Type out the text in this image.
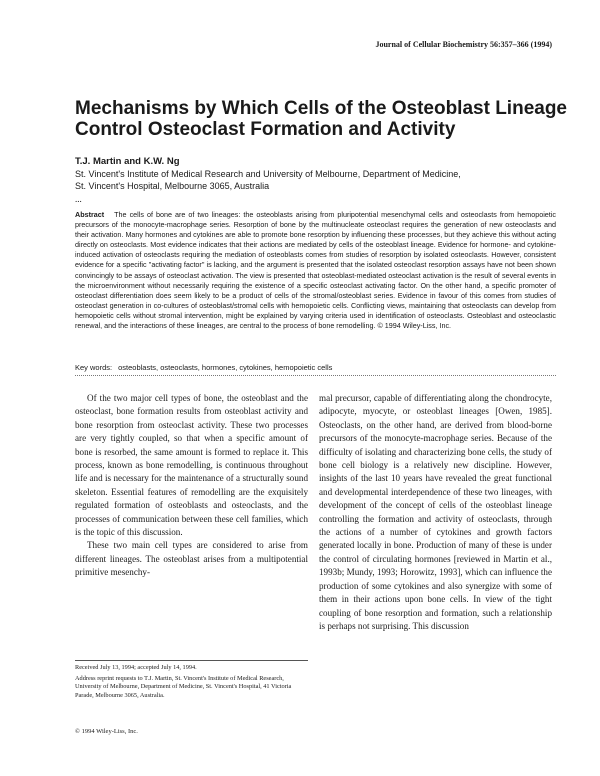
Journal of Cellular Biochemistry 56:357–366 (1994)
Mechanisms by Which Cells of the Osteoblast Lineage Control Osteoclast Formation and Activity
T.J. Martin and K.W. Ng
St. Vincent's Institute of Medical Research and University of Melbourne, Department of Medicine,
St. Vincent's Hospital, Melbourne 3065, Australia
...

Abstract The cells of bone are of two lineages: the osteoblasts arising from pluripotential mesenchymal cells and osteoclasts from hemopoietic precursors of the monocyte-macrophage series. Resorption of bone by the multinucleate osteoclast requires the generation of new osteoclasts and their activation. Many hormones and cytokines are able to promote bone resorption by influencing these processes, but they achieve this without acting directly on osteoclasts. Most evidence indicates that their actions are mediated by cells of the osteoblast lineage. Evidence for hormone- and cytokine-induced activation of osteoclasts requiring the mediation of osteoblasts comes from studies of resorption by isolated osteoclasts. However, consistent evidence for a specific "activating factor" is lacking, and the argument is presented that the isolated osteoclast resorption assays have not been shown convincingly to be assays of osteoclast activation. The view is presented that osteoblast-mediated osteoclast activation is the result of several events in the microenvironment without necessarily requiring the existence of a specific osteoclast activating factor. On the other hand, a specific promoter of osteoclast differentiation does seem likely to be a product of cells of the stromal/osteoblast series. Evidence in favour of this comes from studies of osteoclast generation in co-cultures of osteoblast/stromal cells with hemopoietic cells. Conflicting views, maintaining that osteoclasts can develop from hemopoietic cells without stromal intervention, might be explained by varying criteria used in identification of osteoclasts. Osteoblast and osteoclastic renewal, and the interactions of these lineages, are central to the process of bone remodelling. © 1994 Wiley-Liss, Inc.

Key words: osteoblasts, osteoclasts, hormones, cytokines, hemopoietic cells

Of the two major cell types of bone, the osteoblast and the osteoclast, bone formation results from osteoblast activity and bone resorption from osteoclast activity. These two processes are very tightly coupled, so that when a specific amount of bone is resorbed, the same amount is formed to replace it. This process, known as bone remodelling, is continuous throughout life and is necessary for the maintenance of a structurally sound skeleton. Essential features of remodelling are the exquisitely regulated formation of osteoblasts and osteoclasts, and the processes of communication between these cell families, which is the topic of this discussion.

These two main cell types are considered to arise from different lineages. The osteoblast arises from a multipotential primitive mesenchy-

mal precursor, capable of differentiating along the chondrocyte, adipocyte, myocyte, or osteoblast lineages [Owen, 1985]. Osteoclasts, on the other hand, are derived from blood-borne precursors of the monocyte-macrophage series. Because of the difficulty of isolating and characterizing bone cells, the study of bone cell biology is a relatively new discipline. However, insights of the last 10 years have revealed the great functional and developmental interdependence of these two lineages, with development of the concept of cells of the osteoblast lineage controlling the formation and activity of osteoclasts, through the actions of a number of cytokines and growth factors generated locally in bone. Production of many of these is under the control of circulating hormones [reviewed in Martin et al., 1993b; Mundy, 1993; Horowitz, 1993], which can influence the production of some cytokines and also synergize with some of them in their actions upon bone cells. In view of the tight coupling of bone resorption and formation, such a relationship is perhaps not surprising. This discussion

Received July 13, 1994; accepted July 14, 1994.
Address reprint requests to T.J. Martin, St. Vincent's Institute of Medical Research, University of Melbourne, Department of Medicine, St. Vincent's Hospital, 41 Victoria Parade, Melbourne 3065, Australia.
© 1994 Wiley-Liss, Inc.
